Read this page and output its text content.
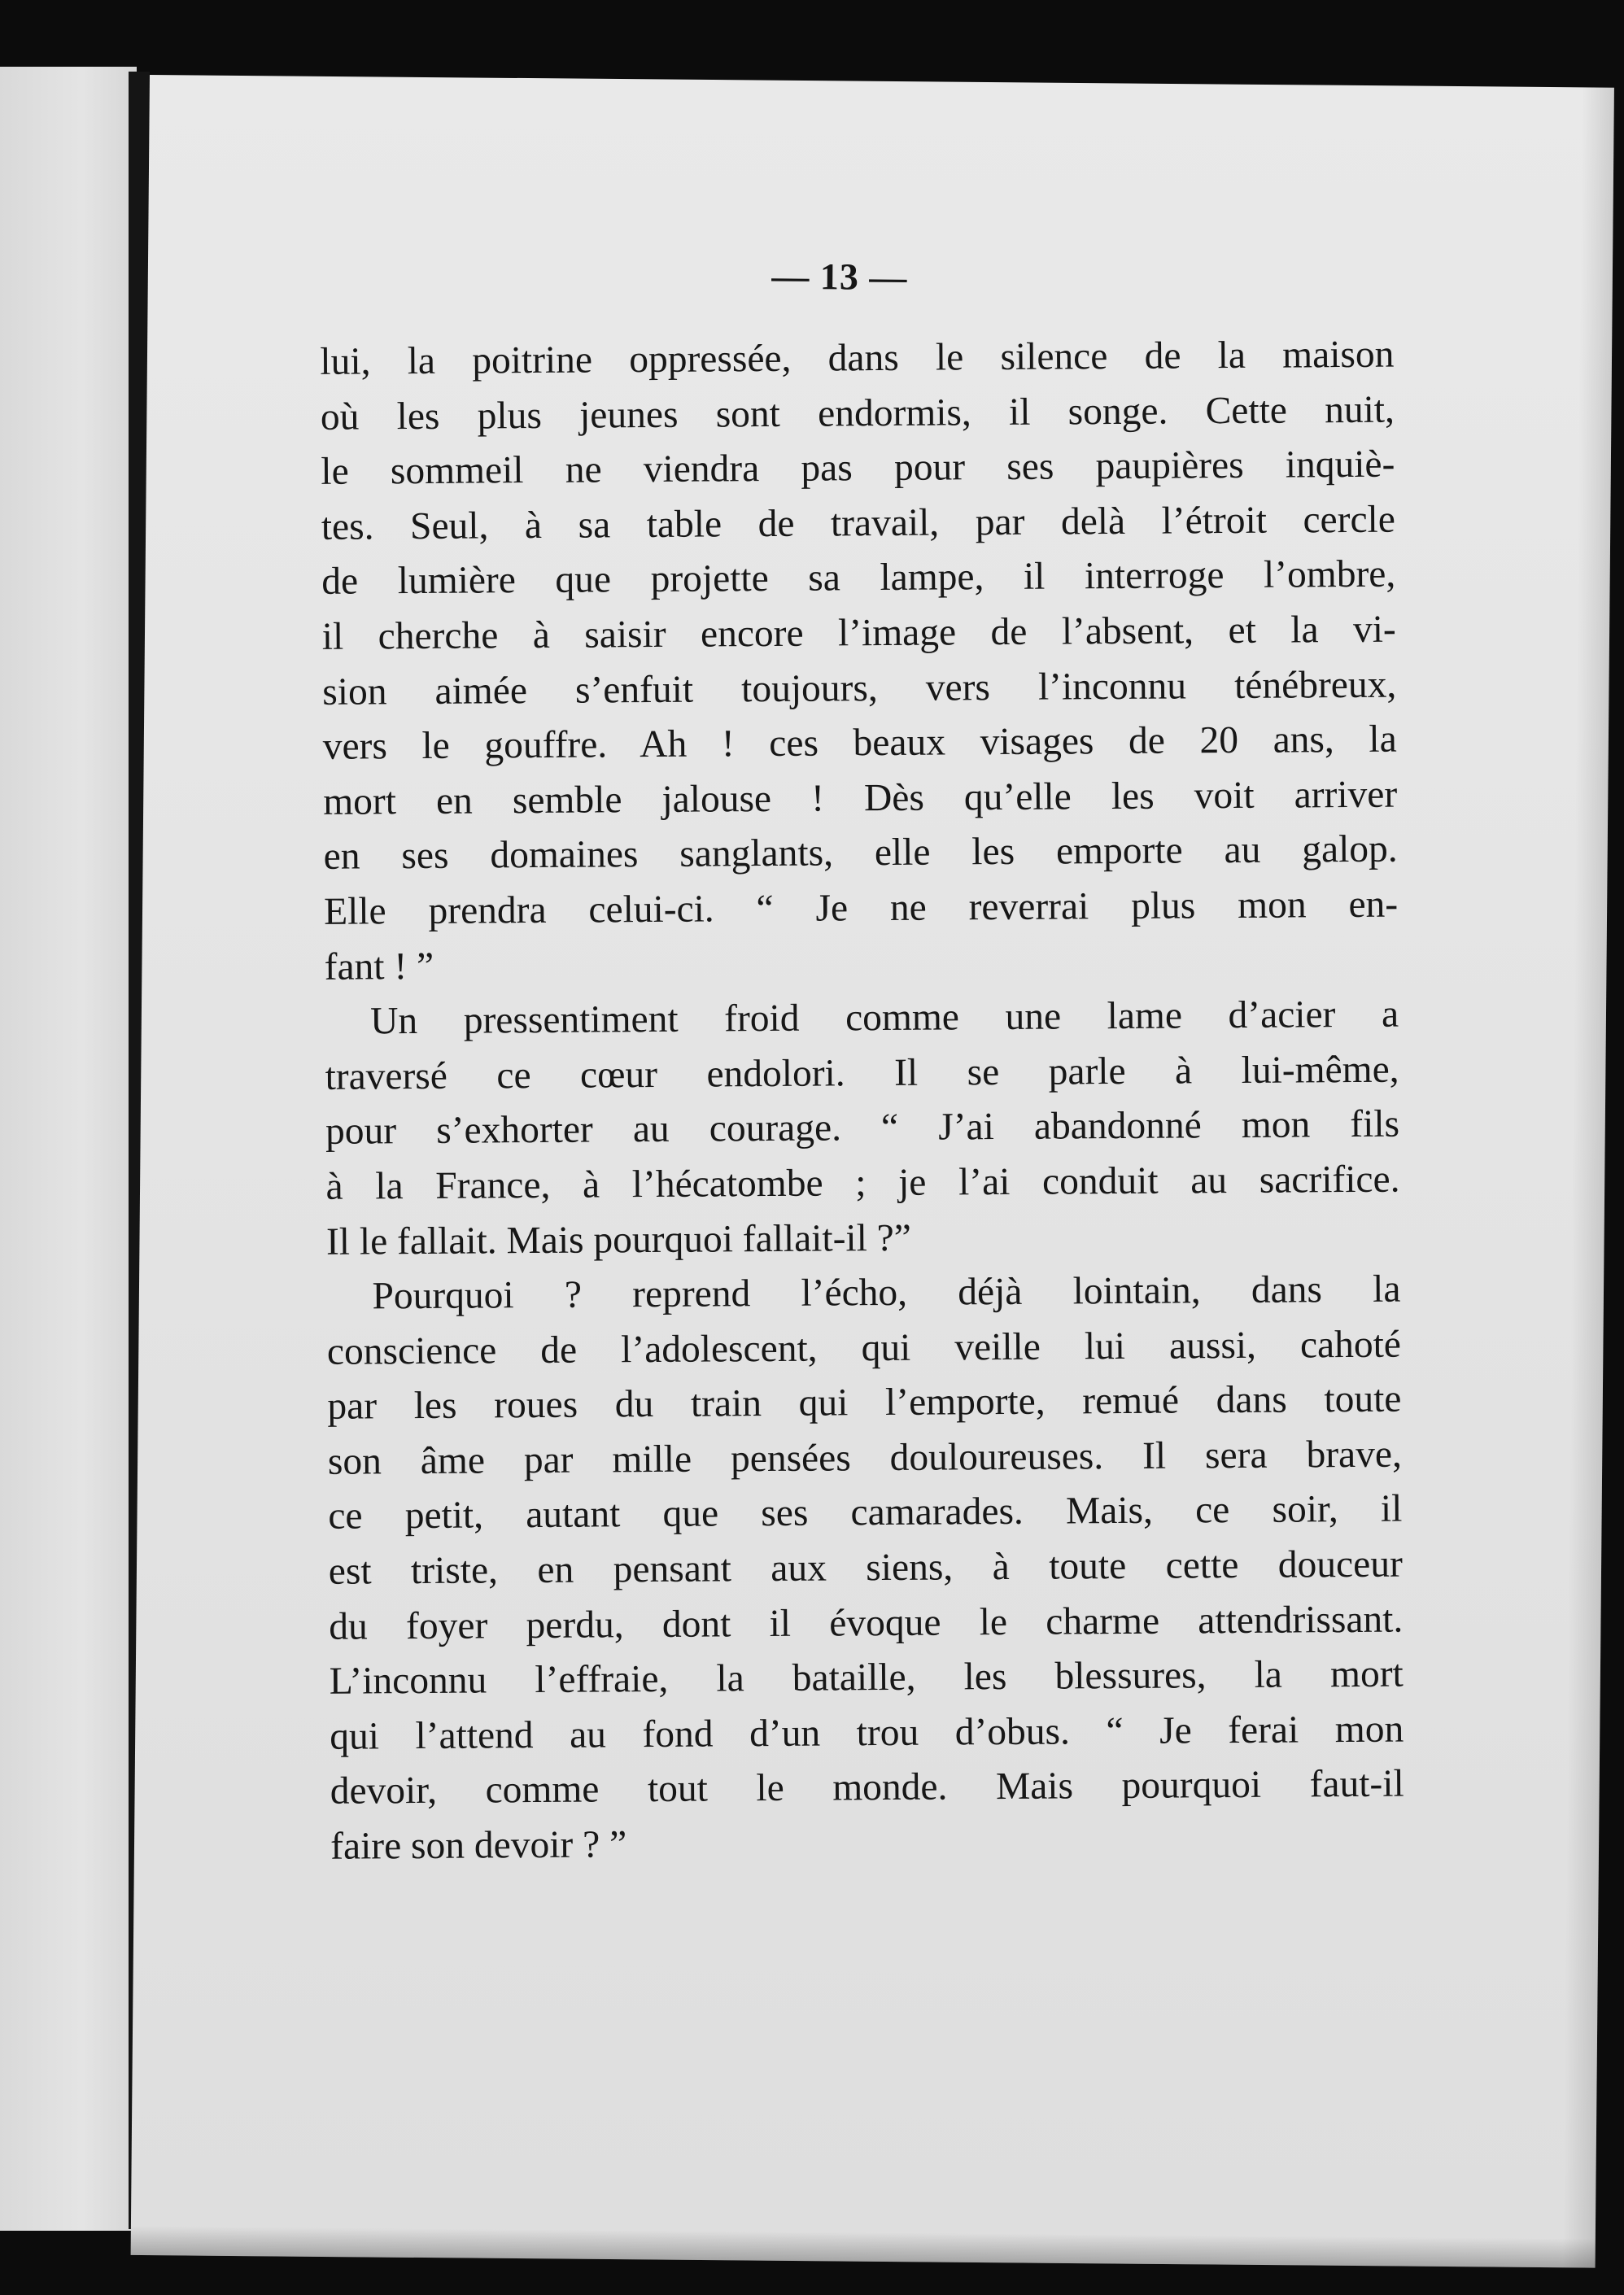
— 13 —

lui, la poitrine oppressée, dans le silence de la maison
où les plus jeunes sont endormis, il songe. Cette nuit,
le sommeil ne viendra pas pour ses paupières inquiè-
tes. Seul, à sa table de travail, par delà l’étroit cercle
de lumière que projette sa lampe, il interroge l’ombre,
il cherche à saisir encore l’image de l’absent, et la vi-
sion aimée s’enfuit toujours, vers l’inconnu ténébreux,
vers le gouffre. Ah ! ces beaux visages de 20 ans, la
mort en semble jalouse ! Dès qu’elle les voit arriver
en ses domaines sanglants, elle les emporte au galop.
Elle prendra celui-ci. “ Je ne reverrai plus mon en-
fant ! ”

Un pressentiment froid comme une lame d’acier a
traversé ce cœur endolori. Il se parle à lui-même,
pour s’exhorter au courage. “ J’ai abandonné mon fils
à la France, à l’hécatombe ; je l’ai conduit au sacrifice.
Il le fallait. Mais pourquoi fallait-il ?”

Pourquoi ? reprend l’écho, déjà lointain, dans la
conscience de l’adolescent, qui veille lui aussi, cahoté
par les roues du train qui l’emporte, remué dans toute
son âme par mille pensées douloureuses. Il sera brave,
ce petit, autant que ses camarades. Mais, ce soir, il
est triste, en pensant aux siens, à toute cette douceur
du foyer perdu, dont il évoque le charme attendrissant.
L’inconnu l’effraie, la bataille, les blessures, la mort
qui l’attend au fond d’un trou d’obus. “ Je ferai mon
devoir, comme tout le monde. Mais pourquoi faut-il
faire son devoir ? ”
